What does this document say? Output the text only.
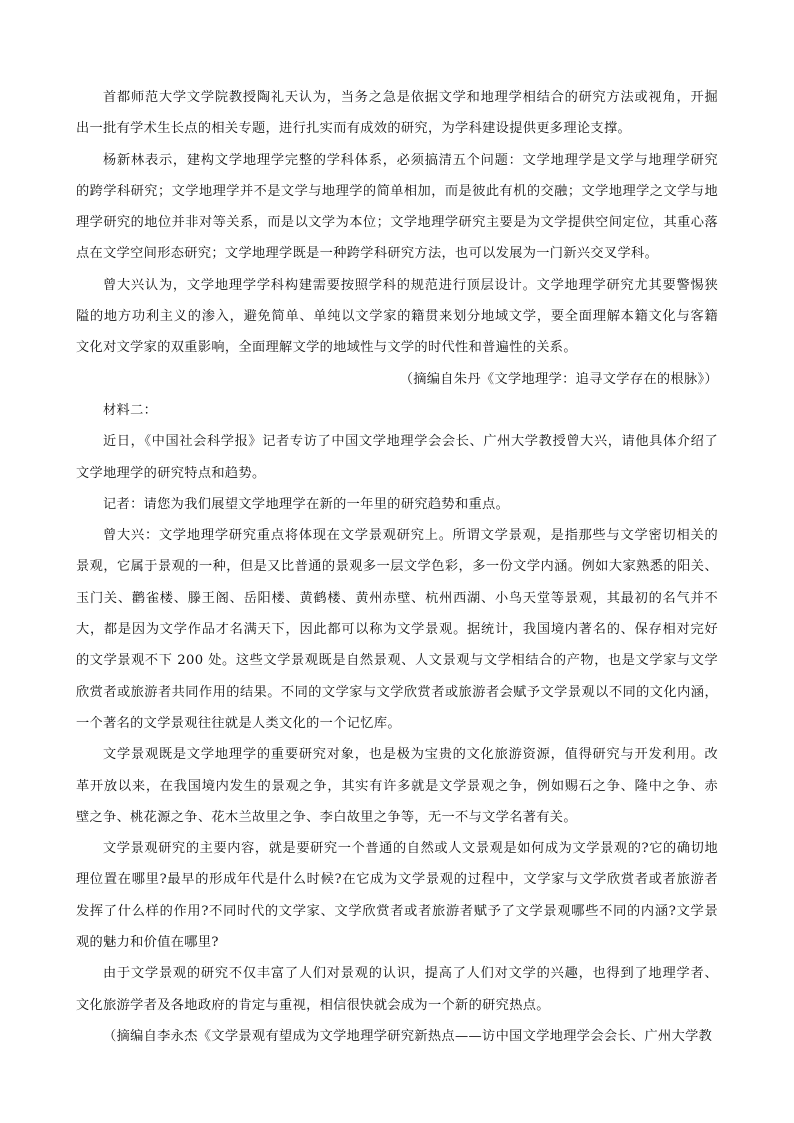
首都师范大学文学院教授陶礼天认为，当务之急是依据文学和地理学相结合的研究方法或视角，开掘
出一批有学术生长点的相关专题，进行扎实而有成效的研究，为学科建设提供更多理论支撑。
杨新林表示，建构文学地理学完整的学科体系，必须搞清五个问题：文学地理学是文学与地理学研究
的跨学科研究；文学地理学并不是文学与地理学的简单相加，而是彼此有机的交融；文学地理学之文学与地
理学研究的地位并非对等关系，而是以文学为本位；文学地理学研究主要是为文学提供空间定位，其重心落
点在文学空间形态研究；文学地理学既是一种跨学科研究方法，也可以发展为一门新兴交叉学科。
曾大兴认为，文学地理学学科构建需要按照学科的规范进行顶层设计。文学地理学研究尤其要警惕狭
隘的地方功利主义的渗入，避免简单、单纯以文学家的籍贯来划分地域文学，要全面理解本籍文化与客籍
文化对文学家的双重影响，全面理解文学的地域性与文学的时代性和普遍性的关系。
（摘编自朱丹《文学地理学：追寻文学存在的根脉》）
材料二：
近日，《中国社会科学报》记者专访了中国文学地理学会会长、广州大学教授曾大兴，请他具体介绍了
文学地理学的研究特点和趋势。
记者：请您为我们展望文学地理学在新的一年里的研究趋势和重点。
曾大兴：文学地理学研究重点将体现在文学景观研究上。所谓文学景观，是指那些与文学密切相关的
景观，它属于景观的一种，但是又比普通的景观多一层文学色彩，多一份文学内涵。例如大家熟悉的阳关、
玉门关、鹳雀楼、滕王阁、岳阳楼、黄鹤楼、黄州赤壁、杭州西湖、小鸟天堂等景观，其最初的名气并不
大，都是因为文学作品才名满天下，因此都可以称为文学景观。据统计，我国境内著名的、保存相对完好
的文学景观不下 200 处。这些文学景观既是自然景观、人文景观与文学相结合的产物，也是文学家与文学
欣赏者或旅游者共同作用的结果。不同的文学家与文学欣赏者或旅游者会赋予文学景观以不同的文化内涵，
一个著名的文学景观往往就是人类文化的一个记忆库。
文学景观既是文学地理学的重要研究对象，也是极为宝贵的文化旅游资源，值得研究与开发利用。改
革开放以来，在我国境内发生的景观之争，其实有许多就是文学景观之争，例如赐石之争、隆中之争、赤
壁之争、桃花源之争、花木兰故里之争、李白故里之争等，无一不与文学名著有关。
文学景观研究的主要内容，就是要研究一个普通的自然或人文景观是如何成为文学景观的?它的确切地
理位置在哪里?最早的形成年代是什么时候?在它成为文学景观的过程中，文学家与文学欣赏者或者旅游者
发挥了什么样的作用?不同时代的文学家、文学欣赏者或者旅游者赋予了文学景观哪些不同的内涵?文学景
观的魅力和价值在哪里?
由于文学景观的研究不仅丰富了人们对景观的认识，提高了人们对文学的兴趣，也得到了地理学者、
文化旅游学者及各地政府的肯定与重视，相信很快就会成为一个新的研究热点。
（摘编自李永杰《文学景观有望成为文学地理学研究新热点——访中国文学地理学会会长、广州大学教
